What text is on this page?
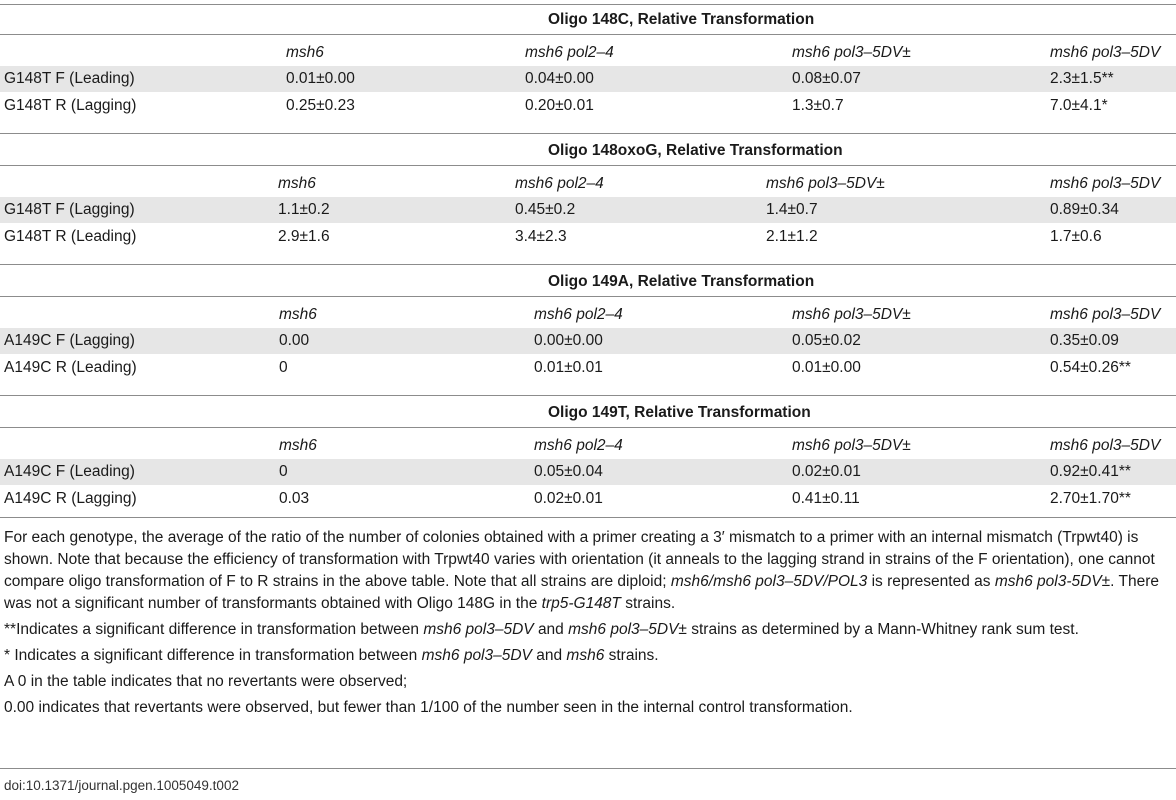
Oligo 148C, Relative Transformation
msh6	msh6 pol2–4	msh6 pol3–5DV±	msh6 pol3–5DV
G148T F (Leading)	0.01±0.00	0.04±0.00	0.08±0.07	2.3±1.5**
G148T R (Lagging)	0.25±0.23	0.20±0.01	1.3±0.7	7.0±4.1*
Oligo 148oxoG, Relative Transformation
msh6	msh6 pol2–4	msh6 pol3–5DV±	msh6 pol3–5DV
G148T F (Lagging)	1.1±0.2	0.45±0.2	1.4±0.7	0.89±0.34
G148T R (Leading)	2.9±1.6	3.4±2.3	2.1±1.2	1.7±0.6
Oligo 149A, Relative Transformation
msh6	msh6 pol2–4	msh6 pol3–5DV±	msh6 pol3–5DV
A149C F (Lagging)	0.00	0.00±0.00	0.05±0.02	0.35±0.09
A149C R (Leading)	0	0.01±0.01	0.01±0.00	0.54±0.26**
Oligo 149T, Relative Transformation
msh6	msh6 pol2–4	msh6 pol3–5DV±	msh6 pol3–5DV
A149C F (Leading)	0	0.05±0.04	0.02±0.01	0.92±0.41**
A149C R (Lagging)	0.03	0.02±0.01	0.41±0.11	2.70±1.70**

For each genotype, the average of the ratio of the number of colonies obtained with a primer creating a 3′ mismatch to a primer with an internal mismatch (Trpwt40) is shown. Note that because the efficiency of transformation with Trpwt40 varies with orientation (it anneals to the lagging strand in strains of the F orientation), one cannot compare oligo transformation of F to R strains in the above table. Note that all strains are diploid; msh6/msh6 pol3–5DV/POL3 is represented as msh6 pol3-5DV±. There was not a significant number of transformants obtained with Oligo 148G in the trp5-G148T strains.

**Indicates a significant difference in transformation between msh6 pol3–5DV and msh6 pol3–5DV± strains as determined by a Mann-Whitney rank sum test.

* Indicates a significant difference in transformation between msh6 pol3–5DV and msh6 strains.

A 0 in the table indicates that no revertants were observed;

0.00 indicates that revertants were observed, but fewer than 1/100 of the number seen in the internal control transformation.

doi:10.1371/journal.pgen.1005049.t002
